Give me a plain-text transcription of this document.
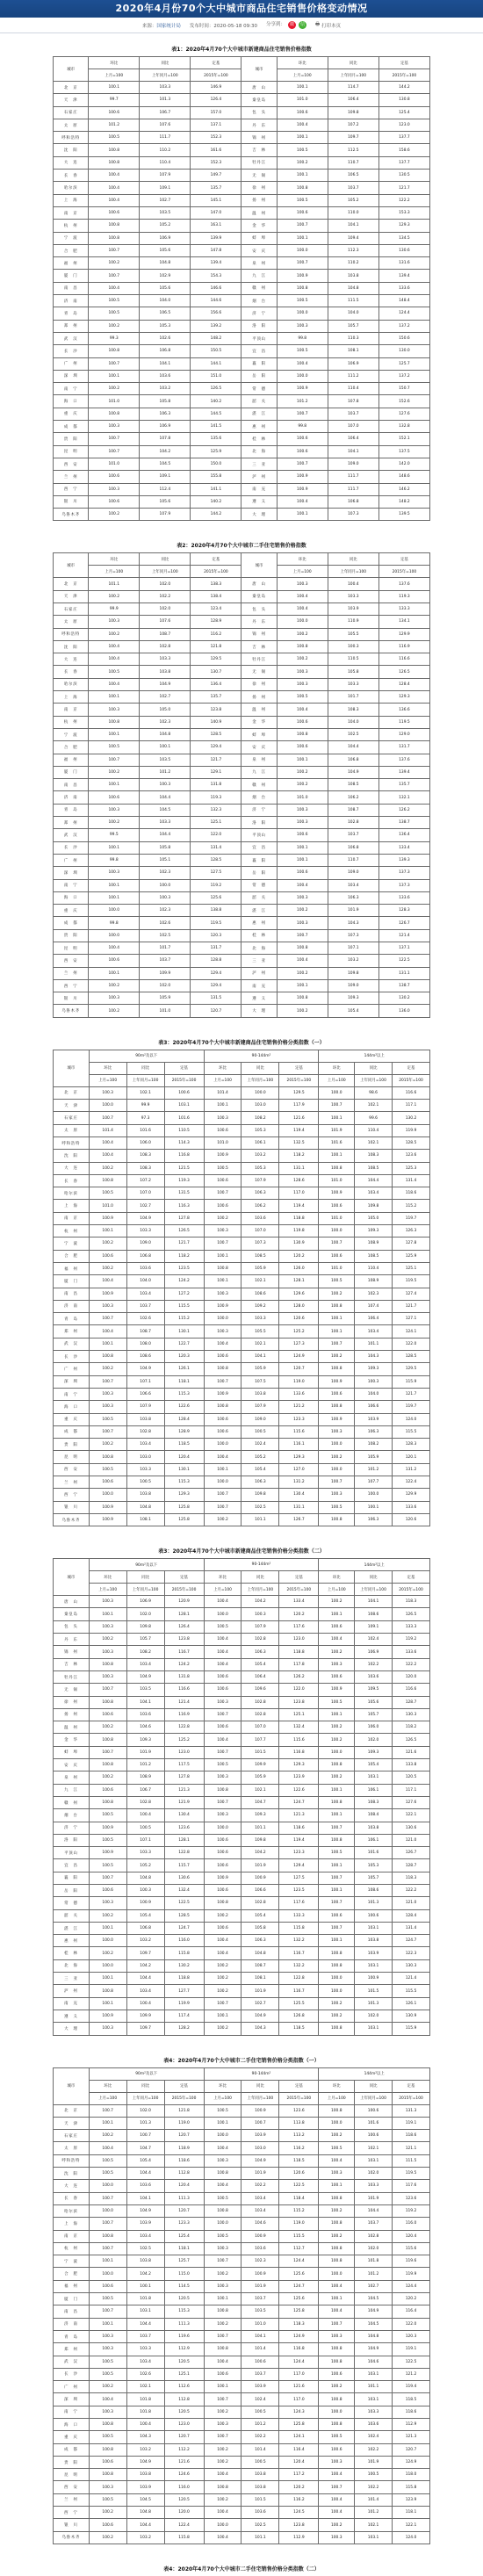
2020年4月份70个大中城市商品住宅销售价格变动情况
来源：国家统计局 发布时间：2020-05-18 09:30 分享到： 微	信	🖶 打印本页
表1：2020年4月70个大中城市新建商品住宅销售价格指数
城市	环比	同比	定基	城市	环比	同比	定基
	上月=100	上年同月=100	2015年=100		上月=100	上年同月=100	2015年=100
北　京	100.1	103.3	146.9	唐　山	100.1	114.7	144.2
天　津	99.7	101.3	126.4	秦皇岛	101.0	106.4	130.8
石家庄	100.6	106.7	157.0	包　头	100.6	109.8	125.4
太　原	101.2	107.6	137.1	丹　东	100.4	107.2	123.0
呼和浩特	100.5	111.7	152.3	锦　州	100.1	109.7	137.7
沈　阳	100.8	110.2	161.6	吉　林	100.5	112.5	158.6
大　连	100.8	110.4	152.3	牡丹江	100.2	110.7	137.7
长　春	100.4	107.9	149.7	无　锡	100.1	106.5	130.5
哈尔滨	100.4	109.1	135.7	徐　州	100.8	103.7	121.7
上　海	100.4	102.7	145.1	扬　州	100.5	105.2	122.2
南　京	100.6	103.5	147.0	温　州	100.6	110.0	153.3
杭　州	100.8	105.2	163.1	金　华	100.7	104.1	129.3
宁　波	100.8	106.9	139.9	蚌　埠	100.1	109.4	134.5
合　肥	100.7	105.6	147.8	安　庆	100.0	112.3	130.6
福　州	100.2	104.8	139.4	泉　州	100.7	110.2	131.6
厦　门	100.7	102.9	154.3	九　江	100.9	103.8	139.4
南　昌	100.4	105.6	146.6	赣　州	100.8	104.8	133.6
济　南	100.5	104.0	144.6	烟　台	100.5	111.5	148.4
青　岛	100.5	106.5	156.6	济　宁	100.0	104.0	124.4
郑　州	100.2	105.3	139.2	洛　阳	100.3	105.7	137.2
武　汉	99.3	102.6	148.2	平顶山	99.8	110.3	150.6
长　沙	100.8	106.8	150.5	宜　昌	100.5	108.1	130.0
广　州	100.7	104.1	144.1	襄　阳	100.4	106.9	125.7
深　圳	100.1	103.6	151.0	岳　阳	100.0	111.2	137.2
南　宁	100.2	103.2	126.5	常　德	100.9	110.4	150.7
海　口	101.0	105.8	140.2	韶　关	101.2	107.8	152.6
重　庆	100.8	106.3	144.5	湛　江	100.7	103.7	127.6
成　都	100.3	106.9	141.5	惠　州	99.8	107.0	132.8
贵　阳	100.7	107.8	135.6	桂　林	100.6	106.4	152.1
昆　明	100.7	104.2	125.9	北　海	100.6	104.1	137.5
西　安	101.0	104.5	150.0	三　亚	100.7	109.0	142.0
兰　州	100.6	109.1	155.8	泸　州	100.9	111.7	148.6
西　宁	100.3	112.4	141.1	南　充	100.9	111.7	146.2
银　川	100.6	105.6	140.2	遵　义	100.4	106.8	148.2
乌鲁木齐	100.2	107.9	144.2	大　理	100.1	107.3	139.5
表2：2020年4月70个大中城市二手住宅销售价格指数
城市	环比	同比	定基	城市	环比	同比	定基
	上月=100	上年同月=100	2015年=100		上月=100	上年同月=100	2015年=100
北　京	101.1	102.0	138.3	唐　山	100.3	100.4	137.6
天　津	100.2	102.2	138.4	秦皇岛	100.4	103.3	119.3
石家庄	99.9	102.0	123.4	包　头	100.4	103.9	133.3
太　原	100.3	107.6	128.9	丹　东	100.0	110.9	134.1
呼和浩特	100.2	108.7	116.2	锦　州	100.2	105.5	129.9
沈　阳	100.4	102.8	121.8	吉　林	100.8	100.3	116.9
大　连	100.4	103.3	129.5	牡丹江	100.2	110.5	116.6
长　春	100.5	103.8	130.7	无　锡	100.3	105.8	126.5
哈尔滨	100.4	104.9	136.4	徐　州	100.3	103.3	128.4
上　海	100.1	102.7	135.7	扬　州	100.5	101.7	129.3
南　京	100.3	105.0	123.8	温　州	100.4	108.3	136.6
杭　州	100.8	102.3	140.9	金　华	100.6	104.0	119.5
宁　波	100.1	104.8	128.5	蚌　埠	100.8	102.5	129.0
合　肥	100.5	100.1	129.4	安　庆	100.6	104.4	131.7
福　州	100.7	103.5	121.7	泉　州	100.1	106.8	137.6
厦　门	100.2	101.2	129.1	九　江	100.2	104.9	139.4
南　昌	100.1	100.3	131.8	赣　州	100.2	108.5	135.7
济　南	100.6	104.4	119.3	烟　台	101.0	106.2	132.1
青　岛	100.3	104.5	132.3	济　宁	100.3	108.7	126.2
郑　州	100.2	103.3	125.1	洛　阳	100.3	102.8	138.7
武　汉	99.5	104.4	122.0	平顶山	100.6	103.7	136.4
长　沙	100.1	105.8	131.4	宜　昌	100.1	106.8	133.4
广　州	99.8	105.1	128.5	襄　阳	100.1	110.7	139.3
深　圳	100.3	102.3	127.5	岳　阳	100.6	109.0	137.3
南　宁	100.1	100.0	119.2	常　德	100.4	103.4	137.3
海　口	100.1	100.3	125.6	韶　关	100.3	106.3	133.6
重　庆	100.0	102.3	138.8	湛　江	100.2	101.9	128.3
成　都	99.8	102.6	119.5	惠　州	100.3	104.3	126.7
贵　阳	100.0	102.5	120.3	桂　林	100.7	107.3	121.4
昆　明	100.4	101.7	131.7	北　海	100.8	107.1	137.1
西　安	100.6	103.7	128.8	三　亚	100.4	103.2	122.5
兰　州	100.1	109.9	129.4	泸　州	100.2	109.8	131.1
西　宁	100.2	102.0	129.4	南　充	100.1	109.0	138.7
银　川	100.3	105.9	131.5	遵　义	100.8	109.3	130.2
乌鲁木齐	100.2	101.0	120.7	大　理	100.2	105.4	136.0
表3：2020年4月70个大中城市新建商品住宅销售价格分类指数（一）
城市	90m²及以下			90-144m²			144m²以上		
	环比	同比	定基	环比	同比	定基	环比	同比	定基
	上月=100	上年同月=100	2015年=100	上月=100	上年同月=100	2015年=100	上月=100	上年同月=100	2015年=100
北　京	100.3	102.1	100.6	101.4	100.0	129.5	100.0	98.6	116.6
天　津	100.0	99.9	103.1	100.1	103.0	117.9	100.7	102.1	117.1
石家庄	100.7	97.3	101.6	100.3	108.2	121.6	100.1	99.6	130.2
太　原	101.4	101.6	110.5	100.6	105.3	119.4	101.9	110.4	119.9
呼和浩特	100.4	106.0	114.3	101.0	106.1	132.5	101.6	102.1	128.5
沈　阳	100.4	108.3	116.8	100.9	103.2	118.2	100.1	108.3	123.6
大　连	100.2	108.3	121.5	100.5	105.3	131.1	100.8	108.5	125.3
长　春	100.8	107.2	119.3	100.6	107.9	128.6	101.0	104.4	131.4
哈尔滨	100.5	107.0	131.5	100.7	106.3	117.0	100.9	103.4	118.6
上　海	101.0	102.7	116.3	100.6	106.2	119.4	100.6	109.8	115.2
南　京	100.9	104.9	127.8	100.2	103.6	118.8	101.0	105.0	119.7
杭　州	100.1	103.3	126.5	100.3	107.0	119.8	100.0	109.3	126.3
宁　波	100.2	109.0	121.7	100.7	107.3	130.9	100.7	108.9	127.8
合　肥	100.6	106.8	118.2	100.1	108.5	120.2	100.6	108.5	125.9
福　州	100.2	103.6	123.5	100.8	105.9	126.0	101.0	110.4	125.1
厦　门	100.4	104.0	124.2	100.1	102.1	128.1	100.5	108.9	119.5
南　昌	100.9	103.4	127.2	100.3	108.6	129.6	100.2	102.3	127.4
济　南	100.3	103.7	115.5	100.9	109.2	128.0	100.8	107.4	121.7
青　岛	100.7	102.6	115.2	100.0	103.3	120.6	100.1	106.4	127.1
郑　州	100.4	108.7	130.1	100.3	105.5	125.2	100.1	103.4	124.1
武　汉	100.1	108.0	122.7	100.4	102.1	127.3	100.7	101.1	122.0
长　沙	100.8	108.6	120.3	100.6	104.1	124.9	100.2	104.3	128.5
广　州	100.2	104.9	126.1	100.8	105.9	120.7	100.8	109.3	129.5
深　圳	100.7	107.1	118.1	100.7	107.5	119.0	100.9	100.3	115.9
南　宁	100.3	106.6	115.3	100.9	103.8	133.6	100.6	104.0	121.7
海　口	100.3	107.9	122.6	100.8	107.9	121.2	100.8	106.6	119.7
重　庆	100.5	103.8	128.4	100.6	109.0	123.3	100.9	103.9	124.0
成　都	100.7	102.8	128.9	100.6	100.5	115.6	100.3	106.3	115.5
贵　阳	100.2	103.4	118.5	100.0	102.4	116.1	100.0	108.2	128.3
昆　明	100.8	103.0	120.4	100.4	105.2	129.3	100.2	105.9	120.1
西　安	100.5	103.3	130.1	100.1	105.4	127.0	100.0	101.2	131.2
兰　州	100.6	100.5	115.3	100.0	106.3	131.2	100.7	107.7	122.4
西　宁	100.0	103.8	129.3	100.7	109.8	130.4	100.3	100.0	129.9
银　川	100.9	104.8	125.8	100.7	102.5	131.1	100.5	100.1	133.6
乌鲁木齐	100.9	108.1	125.8	100.2	101.1	126.7	100.8	106.3	120.6
表3：2020年4月70个大中城市新建商品住宅销售价格分类指数（二）
城市	90m²及以下			90-144m²			144m²以上		
	环比	同比	定基	环比	同比	定基	环比	同比	定基
	上月=100	上年同月=100	2015年=100	上月=100	上年同月=100	2015年=100	上月=100	上年同月=100	2015年=100
唐　山	100.3	106.9	120.9	100.4	104.2	133.4	100.2	104.1	118.3
秦皇岛	100.1	102.0	128.1	100.0	100.3	120.2	100.1	108.6	126.5
包　头	100.3	109.8	126.4	100.5	107.9	117.6	100.6	109.1	133.3
丹　东	100.2	105.7	123.8	100.4	102.8	123.0	100.4	102.4	119.2
锦　州	100.3	108.2	116.7	100.4	106.3	118.8	100.2	106.9	133.6
吉　林	100.8	103.4	124.2	100.4	105.4	117.8	100.3	102.2	122.2
牡丹江	100.3	104.9	131.8	100.6	106.4	126.2	100.6	103.6	120.0
无　锡	100.7	103.5	116.6	100.6	109.6	122.0	100.9	109.5	116.6
徐　州	100.8	104.1	121.4	100.3	102.8	123.8	100.5	105.6	128.7
扬　州	100.6	103.6	116.9	100.7	102.8	125.1	100.1	105.7	130.3
温　州	100.2	104.6	122.8	100.6	107.0	132.4	100.2	106.0	118.2
金　华	100.8	109.3	125.2	100.4	107.7	115.6	100.2	102.0	126.5
蚌　埠	100.7	101.9	123.0	100.7	101.5	116.8	100.0	109.3	121.6
安　庆	100.8	101.2	117.5	100.5	109.9	129.3	100.8	105.4	133.8
泉　州	100.2	108.9	127.8	100.3	105.9	123.9	100.2	103.1	120.5
九　江	100.6	106.7	121.3	100.8	102.1	122.6	100.1	106.1	117.1
赣　州	100.8	102.8	121.9	100.7	104.7	124.7	100.8	108.3	127.6
烟　台	100.5	100.4	130.4	100.3	109.3	121.3	100.1	108.4	122.1
济　宁	100.9	100.5	123.6	100.0	101.1	118.6	100.7	103.8	130.6
洛　阳	100.5	107.1	128.1	100.6	109.8	119.4	100.8	106.1	121.0
平顶山	100.9	103.3	122.8	100.6	104.2	123.3	100.5	101.6	126.7
宜　昌	100.5	105.2	115.7	100.6	101.9	129.4	100.1	105.3	128.7
襄　阳	100.7	104.8	130.6	100.9	100.9	127.5	100.7	105.7	118.3
岳　阳	100.6	100.3	132.4	100.6	106.6	123.5	100.1	108.6	122.2
常　德	100.3	100.9	122.5	100.8	102.8	117.6	100.7	101.3	121.0
韶　关	100.2	105.4	128.5	100.2	105.4	133.3	100.6	100.6	128.4
湛　江	100.1	106.8	124.7	100.6	105.8	115.8	100.7	103.1	131.4
惠　州	100.0	103.2	116.0	100.4	106.3	132.2	100.1	103.8	124.7
桂　林	100.2	109.7	115.8	100.4	104.8	116.7	100.8	103.9	122.3
北　海	100.0	104.2	130.2	100.2	108.7	132.2	100.8	103.1	130.3
三　亚	100.1	104.4	118.8	100.2	108.1	122.8	100.0	100.9	121.4
泸　州	100.8	103.4	127.7	100.2	101.9	116.7	100.0	101.5	115.5
南　充	100.1	100.4	119.9	100.7	102.7	125.5	100.2	101.3	126.1
遵　义	100.9	109.9	117.4	100.1	104.9	126.8	100.2	102.0	130.9
大　理	100.3	109.7	128.2	100.2	104.3	118.5	100.8	103.1	115.9
表4：2020年4月70个大中城市二手住宅销售价格分类指数（一）
城市	90m²及以下			90-144m²			144m²以上		
	环比	同比	定基	环比	同比	定基	环比	同比	定基
	上月=100	上年同月=100	2015年=100	上月=100	上年同月=100	2015年=100	上月=100	上年同月=100	2015年=100
北　京	100.7	102.0	121.8	100.5	100.9	123.6	100.8	100.6	131.3
天　津	100.1	101.3	119.0	100.1	100.7	113.8	100.0	101.6	119.1
石家庄	100.2	100.7	120.7	100.0	103.9	113.2	100.2	100.6	118.6
太　原	100.4	104.7	118.9	100.4	103.0	116.2	100.5	102.1	121.1
呼和浩特	100.5	105.4	118.6	100.3	104.9	118.5	100.4	103.1	111.5
沈　阳	100.5	104.4	112.8	100.8	101.9	120.6	100.3	102.0	119.5
大　连	100.0	103.6	120.4	100.4	102.2	122.5	100.1	103.3	117.6
长　春	100.7	104.1	111.3	100.5	103.4	118.4	100.8	101.9	123.6
哈尔滨	100.0	104.9	120.7	100.8	103.4	115.2	100.2	104.4	119.2
上　海	100.7	103.9	123.3	100.0	104.6	119.0	100.8	103.7	116.0
南　京	100.8	103.4	125.4	100.5	100.9	115.5	100.2	102.8	120.4
杭　州	100.7	102.5	118.1	100.3	103.6	112.7	100.8	102.0	115.6
宁　波	100.1	103.8	125.7	100.7	102.3	124.4	100.8	101.8	119.6
合　肥	100.0	104.2	115.0	100.2	100.9	125.6	100.0	101.2	119.9
福　州	100.6	100.1	114.5	100.3	101.9	124.7	100.4	102.7	124.4
厦　门	100.5	101.8	120.5	100.1	103.7	125.6	100.1	104.5	120.2
南　昌	100.7	103.1	115.3	100.8	103.5	125.8	100.4	104.9	116.4
济　南	100.1	104.4	111.3	100.2	101.0	118.3	100.7	104.5	122.0
青　岛	100.3	103.7	119.6	100.7	104.1	124.9	100.3	104.8	120.3
郑　州	100.3	103.3	112.9	100.8	101.4	116.8	100.8	104.9	119.1
武　汉	100.5	103.4	120.5	100.4	100.6	124.4	100.8	104.6	122.5
长　沙	100.5	102.6	125.1	100.6	103.7	117.0	100.6	103.1	121.2
广　州	100.2	102.1	112.6	100.1	103.9	121.6	100.2	101.1	119.4
深　圳	100.4	101.8	112.8	100.7	102.4	117.0	100.8	103.1	118.5
南　宁	100.3	101.8	120.5	100.2	100.5	124.3	100.0	103.3	118.6
海　口	100.8	100.4	123.0	100.3	101.2	125.8	100.8	103.6	112.9
重　庆	100.5	104.3	120.7	100.7	102.2	124.1	100.5	102.4	121.3
成　都	100.8	103.2	112.2	100.2	101.4	116.4	100.6	102.2	120.7
贵　阳	100.6	104.9	121.6	100.2	100.5	120.4	100.3	101.9	124.9
昆　明	100.8	103.8	124.6	100.4	103.8	117.2	100.4	100.5	118.0
西　安	100.3	103.9	116.0	100.8	103.8	120.2	100.7	102.2	115.8
兰　州	100.5	104.5	120.5	100.2	101.5	116.2	100.4	101.4	123.9
西　宁	100.2	104.8	120.0	100.4	103.6	124.5	100.4	101.2	118.1
银　川	100.6	104.4	122.4	100.0	102.5	123.8	100.2	102.1	122.1
乌鲁木齐	100.2	103.2	115.8	100.4	101.1	112.9	100.3	103.1	124.0
表4：2020年4月70个大中城市二手住宅销售价格分类指数（二）
